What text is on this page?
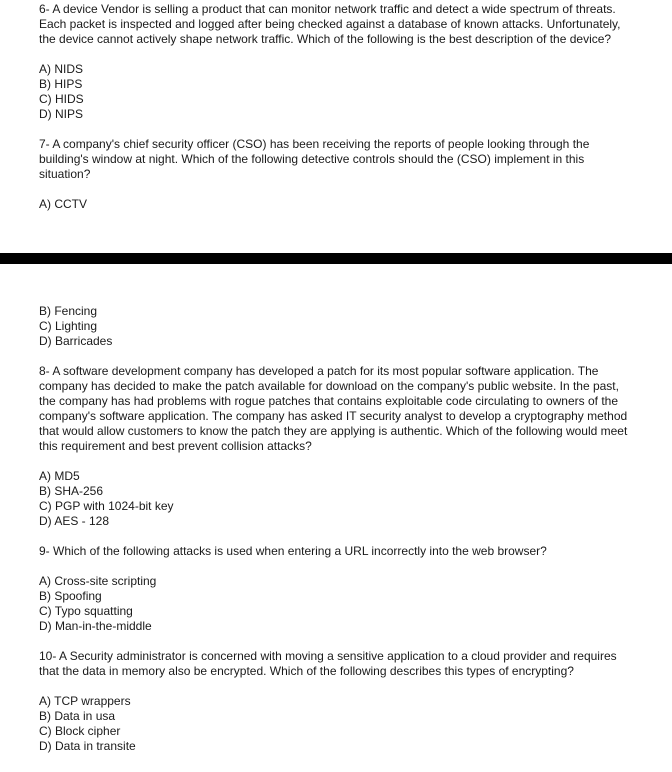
6- A device Vendor is selling a product that can monitor network traffic and detect a wide spectrum of threats. Each packet is inspected and logged after being checked against a database of known attacks. Unfortunately, the device cannot actively shape network traffic. Which of the following is the best description of the device?

A) NIDS
B) HIPS
C) HIDS
D) NIPS

7- A company's chief security officer (CSO) has been receiving the reports of people looking through the building's window at night. Which of the following detective controls should the (CSO) implement in this situation?

A) CCTV
B) Fencing
C) Lighting
D) Barricades

8- A software development company has developed a patch for its most popular software application. The company has decided to make the patch available for download on the company's public website. In the past, the company has had problems with rogue patches that contains exploitable code circulating to owners of the company's software application. The company has asked IT security analyst to develop a cryptography method that would allow customers to know the patch they are applying is authentic. Which of the following would meet this requirement and best prevent collision attacks?

A) MD5
B) SHA-256
C) PGP with 1024-bit key
D) AES - 128

9- Which of the following attacks is used when entering a URL incorrectly into the web browser?

A) Cross-site scripting
B) Spoofing
C) Typo squatting
D) Man-in-the-middle

10- A Security administrator is concerned with moving a sensitive application to a cloud provider and requires that the data in memory also be encrypted. Which of the following describes this types of encrypting?

A) TCP wrappers
B) Data in usa
C) Block cipher
D) Data in transite
